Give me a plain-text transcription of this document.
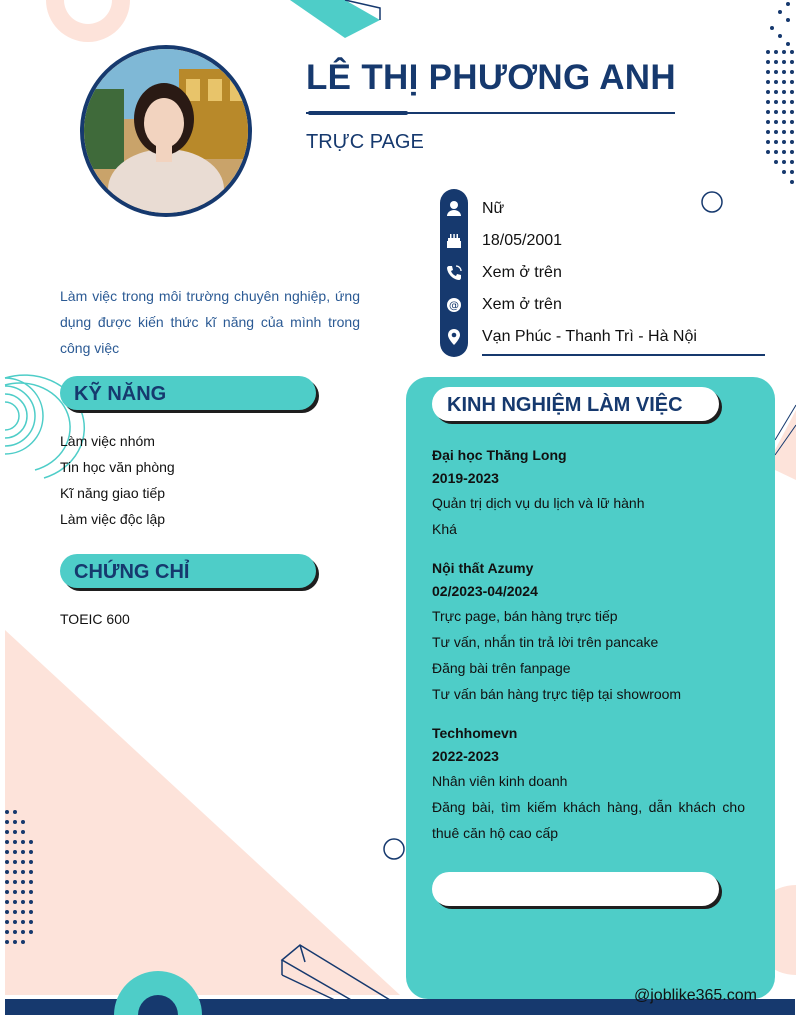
LÊ THỊ PHƯƠNG ANH
TRỰC PAGE
Làm việc trong môi trường chuyên nghiệp, ứng dụng được kiến thức kĩ năng của mình trong công việc
Nữ
18/05/2001
Xem ở trên
@ Xem ở trên
Vạn Phúc - Thanh Trì - Hà Nội
KỸ NĂNG
Làm việc nhóm
Tin học văn phòng
Kĩ năng giao tiếp
Làm việc độc lập
CHỨNG CHỈ
TOEIC 600
KINH NGHIỆM LÀM VIỆC
Đại học Thăng Long
2019-2023
Quản trị dịch vụ du lịch và lữ hành
Khá
Nội thất Azumy
02/2023-04/2024
Trực page, bán hàng trực tiếp
Tư vấn, nhắn tin trả lời trên pancake
Đăng bài trên fanpage
Tư vấn bán hàng trực tiệp tại showroom
Techhomevn
2022-2023
Nhân viên kinh doanh
Đăng bài, tìm kiếm khách hàng, dẫn khách cho thuê căn hộ cao cấp
@joblike365.com
